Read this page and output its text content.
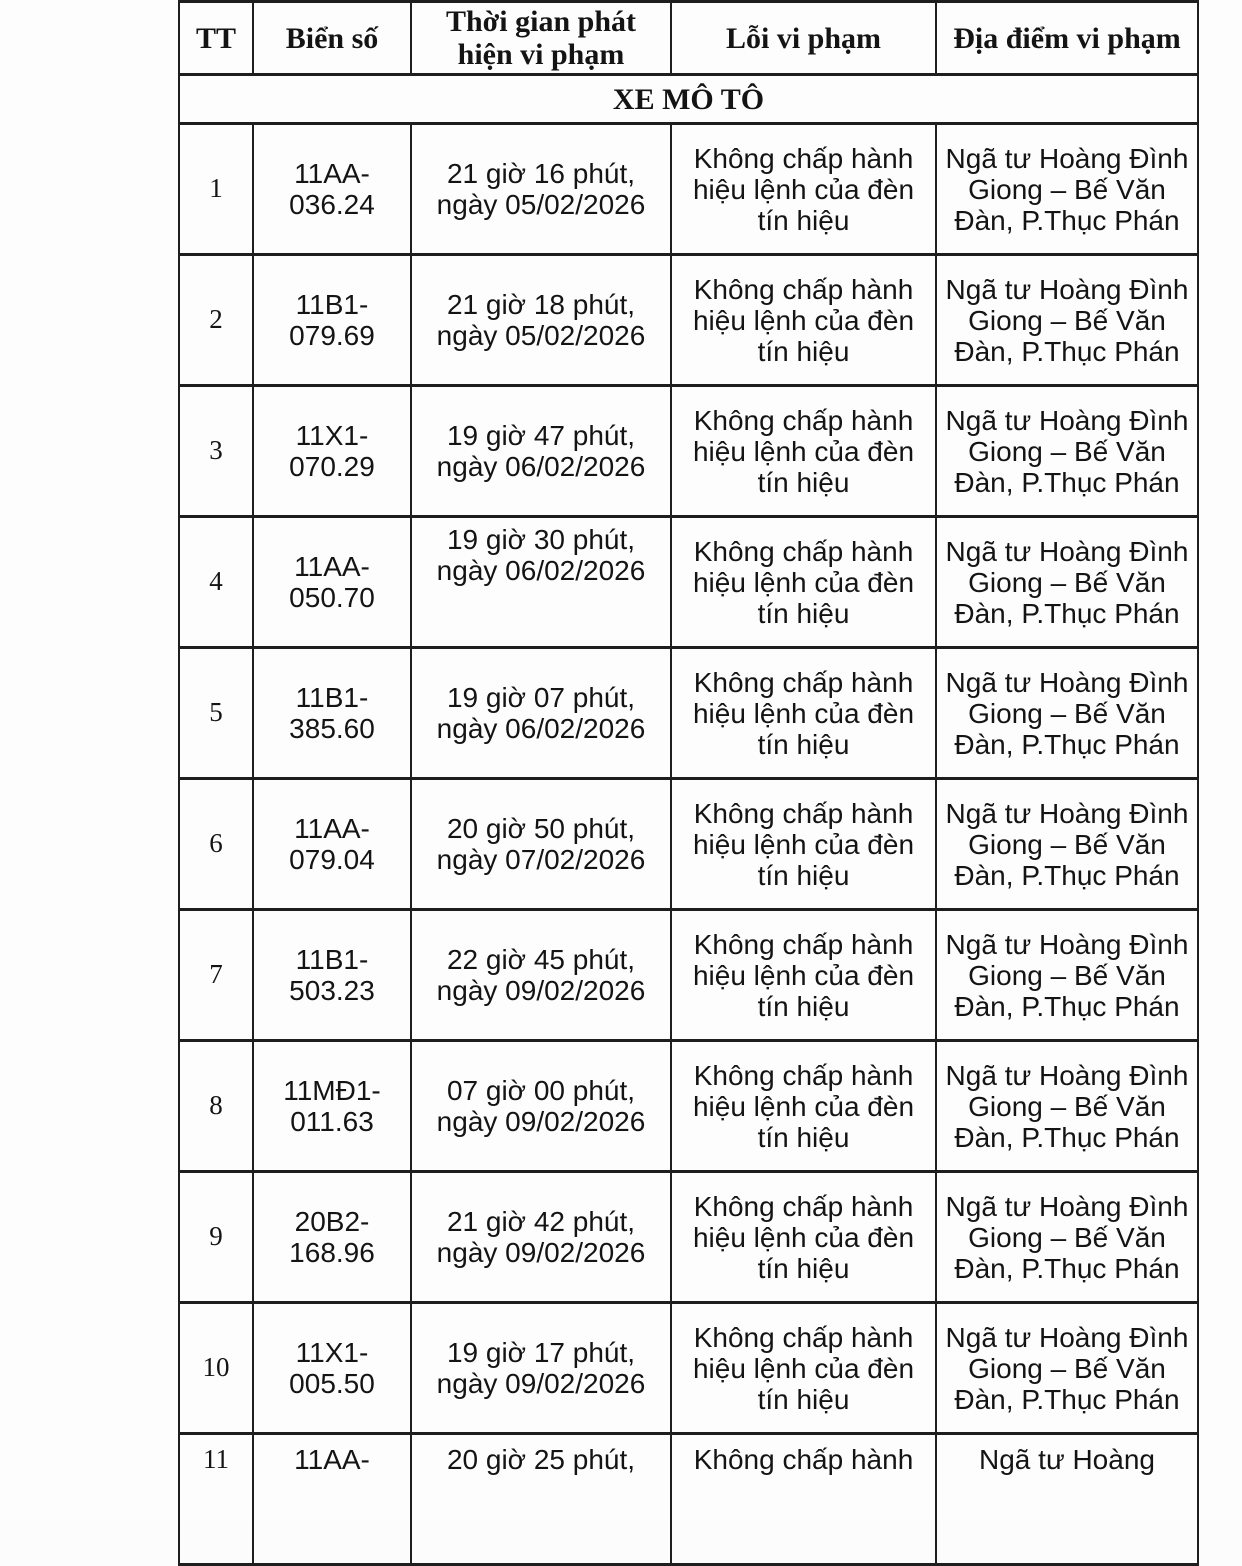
TT	Biển số	Thời gian phát hiện vi phạm	Lỗi vi phạm	Địa điểm vi phạm
XE MÔ TÔ				
1	11AA-036.24	21 giờ 16 phút, ngày 05/02/2026	Không chấp hành hiệu lệnh của đèn tín hiệu	Ngã tư Hoàng Đình Giong – Bế Văn Đàn, P.Thục Phán
2	11B1-079.69	21 giờ 18 phút, ngày 05/02/2026	Không chấp hành hiệu lệnh của đèn tín hiệu	Ngã tư Hoàng Đình Giong – Bế Văn Đàn, P.Thục Phán
3	11X1-070.29	19 giờ 47 phút, ngày 06/02/2026	Không chấp hành hiệu lệnh của đèn tín hiệu	Ngã tư Hoàng Đình Giong – Bế Văn Đàn, P.Thục Phán
4	11AA-050.70	19 giờ 30 phút, ngày 06/02/2026	Không chấp hành hiệu lệnh của đèn tín hiệu	Ngã tư Hoàng Đình Giong – Bế Văn Đàn, P.Thục Phán
5	11B1-385.60	19 giờ 07 phút, ngày 06/02/2026	Không chấp hành hiệu lệnh của đèn tín hiệu	Ngã tư Hoàng Đình Giong – Bế Văn Đàn, P.Thục Phán
6	11AA-079.04	20 giờ 50 phút, ngày 07/02/2026	Không chấp hành hiệu lệnh của đèn tín hiệu	Ngã tư Hoàng Đình Giong – Bế Văn Đàn, P.Thục Phán
7	11B1-503.23	22 giờ 45 phút, ngày 09/02/2026	Không chấp hành hiệu lệnh của đèn tín hiệu	Ngã tư Hoàng Đình Giong – Bế Văn Đàn, P.Thục Phán
8	11MĐ1-011.63	07 giờ 00 phút, ngày 09/02/2026	Không chấp hành hiệu lệnh của đèn tín hiệu	Ngã tư Hoàng Đình Giong – Bế Văn Đàn, P.Thục Phán
9	20B2-168.96	21 giờ 42 phút, ngày 09/02/2026	Không chấp hành hiệu lệnh của đèn tín hiệu	Ngã tư Hoàng Đình Giong – Bế Văn Đàn, P.Thục Phán
10	11X1-005.50	19 giờ 17 phút, ngày 09/02/2026	Không chấp hành hiệu lệnh của đèn tín hiệu	Ngã tư Hoàng Đình Giong – Bế Văn Đàn, P.Thục Phán
11	11AA-	20 giờ 25 phút,	Không chấp hành	Ngã tư Hoàng
